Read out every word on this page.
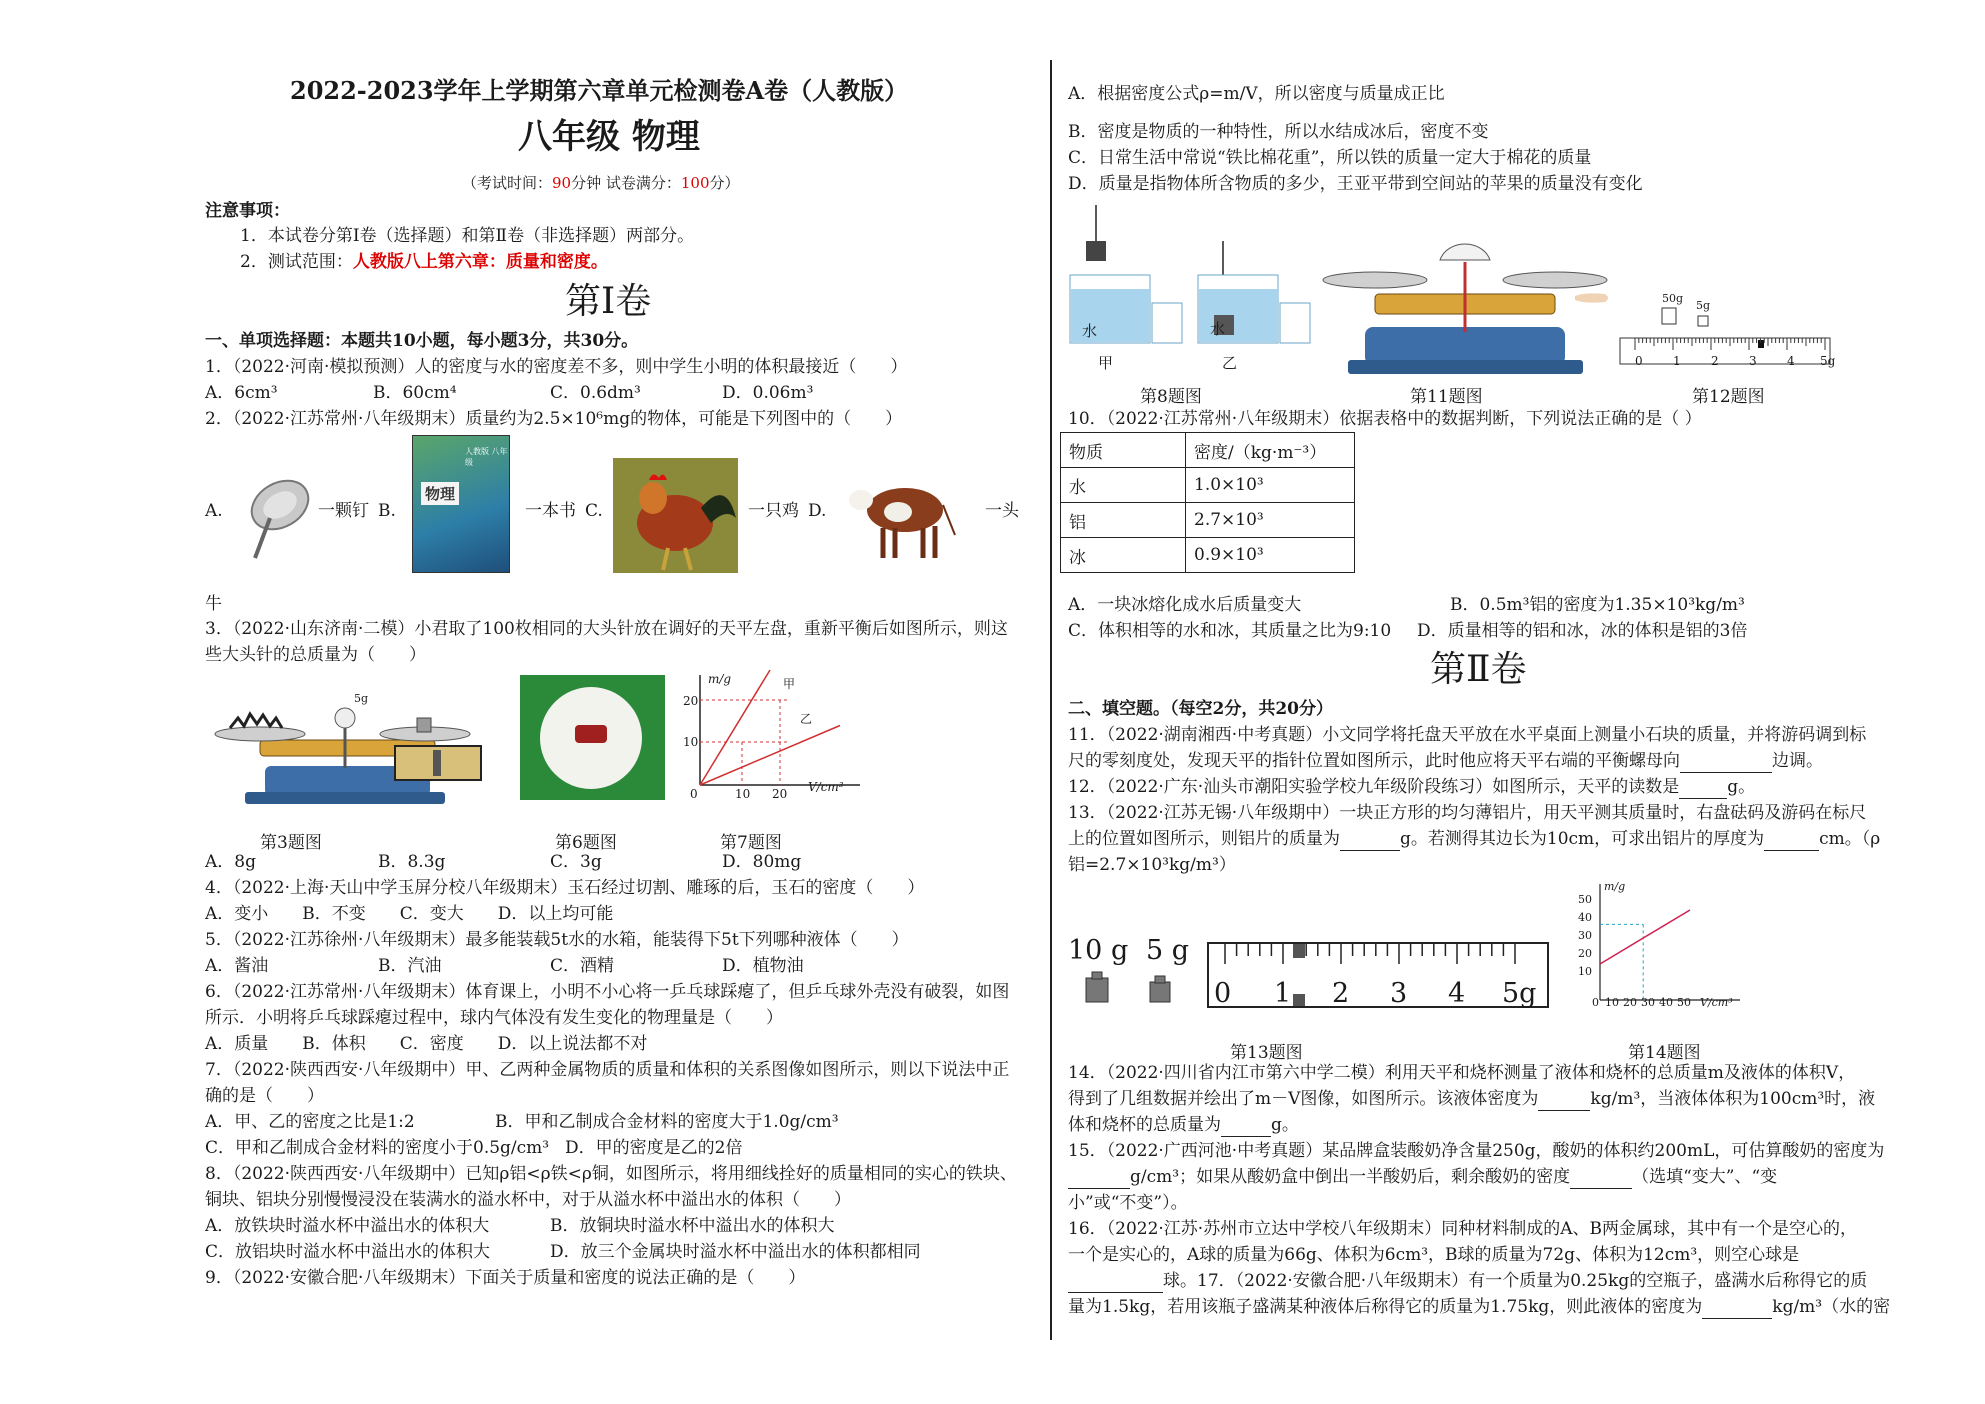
2022-2023学年上学期第六章单元检测卷A卷（人教版）
八年级 物理
（考试时间：90分钟 试卷满分：100分）
注意事项：
1．本试卷分第Ⅰ卷（选择题）和第Ⅱ卷（非选择题）两部分。
2．测试范围：人教版八上第六章：质量和密度。
第Ⅰ卷
一、单项选择题：本题共10小题，每小题3分，共30分。
1．（2022·河南·模拟预测）人的密度与水的密度差不多，则中学生小明的体积最接近（　　）
A．6cm³	B．60cm⁴	C．0.6dm³	D．0.06m³
2．（2022·江苏常州·八年级期末）质量约为2.5×10⁶mg的物体，可能是下列图中的（　　）
A.	一颗钉 B.
物理
人教版 八年级
一本书 C.	一只鸡 D.	一头
牛
3．（2022·山东济南·二模）小君取了100枚相同的大头针放在调好的天平左盘，重新平衡后如图所示，则这
些大头针的总质量为（　　）
5g
m/g
V/cm³
20
10
0	10 20
甲
乙
第3题图	第6题图	第7题图
A．8g	B．8.3g	C．3g	D．80mg
4．（2022·上海·天山中学玉屏分校八年级期末）玉石经过切割、雕琢的后，玉石的密度（　　）
A．变小　　B．不变　　C．变大　　D．以上均可能
5．（2022·江苏徐州·八年级期末）最多能装载5t水的水箱，能装得下5t下列哪种液体（　　）
A．酱油	B．汽油	C．酒精	D．植物油
6．（2022·江苏常州·八年级期末）体育课上，小明不小心将一乒乓球踩瘪了，但乒乓球外壳没有破裂，如图
所示．小明将乒乓球踩瘪过程中，球内气体没有发生变化的物理量是（　　）
A．质量　　B．体积　　C．密度　　D．以上说法都不对
7．（2022·陕西西安·八年级期中）甲、乙两种金属物质的质量和体积的关系图像如图所示，则以下说法中正
确的是（　　）
A．甲、乙的密度之比是1:2	B．甲和乙制成合金材料的密度大于1.0g/cm³
C．甲和乙制成合金材料的密度小于0.5g/cm³ D．甲的密度是乙的2倍
8．（2022·陕西西安·八年级期中）已知ρ铝<ρ铁<ρ铜，如图所示，将用细线拴好的质量相同的实心的铁块、
铜块、铝块分别慢慢浸没在装满水的溢水杯中，对于从溢水杯中溢出水的体积（　　）
A．放铁块时溢水杯中溢出水的体积大	B．放铜块时溢水杯中溢出水的体积大
C．放铝块时溢水杯中溢出水的体积大	D．放三个金属块时溢水杯中溢出水的体积都相同
9．（2022·安徽合肥·八年级期末）下面关于质量和密度的说法正确的是（　　）
A．根据密度公式ρ=m/V，所以密度与质量成正比
B．密度是物质的一种特性，所以水结成冰后，密度不变
C．日常生活中常说“铁比棉花重”，所以铁的质量一定大于棉花的质量
D．质量是指物体所含物质的多少，王亚平带到空间站的苹果的质量没有变化
水	水
甲	乙
50g
5g
0	1	2	3	4 5g
第8题图	第11题图	第12题图
10．（2022·江苏常州·八年级期末）依据表格中的数据判断，下列说法正确的是（ ）
物质	密度/（kg·m⁻³）
水	1.0×10³
铝	2.7×10³
冰	0.9×10³
A．一块冰熔化成水后质量变大	B．0.5m³铝的密度为1.35×10³kg/m³
C．体积相等的水和冰，其质量之比为9:10 D．质量相等的铝和冰，冰的体积是铝的3倍
第Ⅱ卷
二、填空题。（每空2分，共20分）
11．（2022·湖南湘西·中考真题）小文同学将托盘天平放在水平桌面上测量小石块的质量，并将游码调到标
尺的零刻度处，发现天平的指针位置如图所示，此时他应将天平右端的平衡螺母向	边调。
12．（2022·广东·汕头市潮阳实验学校九年级阶段练习）如图所示，天平的读数是	g。
13．（2022·江苏无锡·八年级期中）一块正方形的均匀薄铝片，用天平测其质量时，右盘砝码及游码在标尺
上的位置如图所示，则铝片的质量为	g。若测得其边长为10cm，可求出铝片的厚度为	cm。（ρ
铝=2.7×10³kg/m³）
10 g 5 g
0 1 2 3 4 5g
m/g
50
40
30
20
10
0 10 20 30 40 50 V/cm³
第13题图	第14题图
14．（2022·四川省内江市第六中学二模）利用天平和烧杯测量了液体和烧杯的总质量m及液体的体积V，
得到了几组数据并绘出了m－V图像，如图所示。该液体密度为	kg/m³，当液体体积为100cm³时，液
体和烧杯的总质量为	g。
15．（2022·广西河池·中考真题）某品牌盒装酸奶净含量250g，酸奶的体积约200mL，可估算酸奶的密度为
g/cm³；如果从酸奶盒中倒出一半酸奶后，剩余酸奶的密度	（选填“变大”、“变
小”或“不变”）。
16．（2022·江苏·苏州市立达中学校八年级期末）同种材料制成的A、B两金属球，其中有一个是空心的，
一个是实心的，A球的质量为66g、体积为6cm³，B球的质量为72g、体积为12cm³，则空心球是
球。17．（2022·安徽合肥·八年级期末）有一个质量为0.25kg的空瓶子，盛满水后称得它的质
量为1.5kg，若用该瓶子盛满某种液体后称得它的质量为1.75kg，则此液体的密度为	kg/m³（水的密
